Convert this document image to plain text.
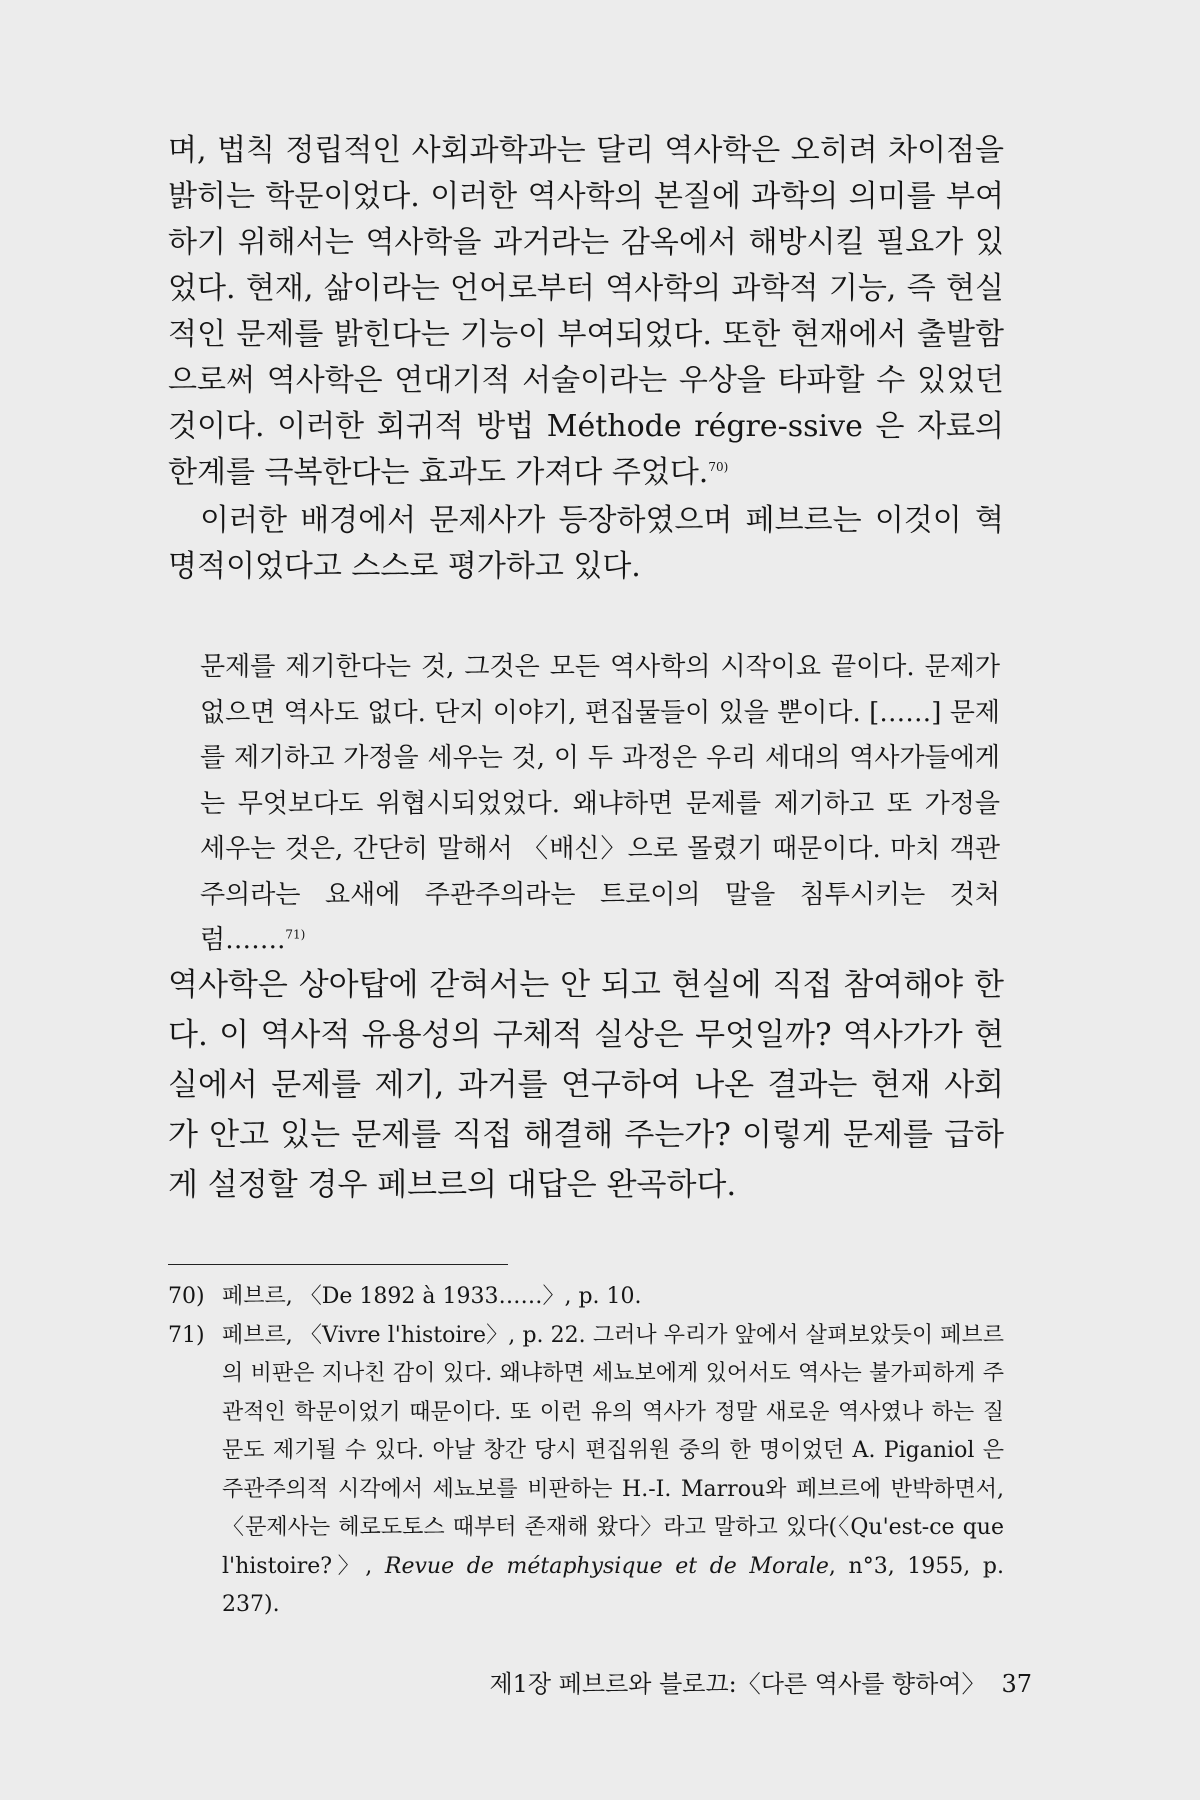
며, 법칙 정립적인 사회과학과는 달리 역사학은 오히려 차이점을 밝히는 학문이었다. 이러한 역사학의 본질에 과학의 의미를 부여하기 위해서는 역사학을 과거라는 감옥에서 해방시킬 필요가 있었다. 현재, 삶이라는 언어로부터 역사학의 과학적 기능, 즉 현실적인 문제를 밝힌다는 기능이 부여되었다. 또한 현재에서 출발함으로써 역사학은 연대기적 서술이라는 우상을 타파할 수 있었던 것이다. 이러한 회귀적 방법 Méthode régre-ssive 은 자료의 한계를 극복한다는 효과도 가져다 주었다.$^{70)}$

이러한 배경에서 문제사가 등장하였으며 페브르는 이것이 혁명적이었다고 스스로 평가하고 있다.

문제를 제기한다는 것, 그것은 모든 역사학의 시작이요 끝이다. 문제가 없으면 역사도 없다. 단지 이야기, 편집물들이 있을 뿐이다. [……] 문제를 제기하고 가정을 세우는 것, 이 두 과정은 우리 세대의 역사가들에게는 무엇보다도 위협시되었었다. 왜냐하면 문제를 제기하고 또 가정을 세우는 것은, 간단히 말해서 〈배신〉으로 몰렸기 때문이다. 마치 객관주의라는 요새에 주관주의라는 트로이의 말을 침투시키는 것처럼…….$^{71)}$

역사학은 상아탑에 갇혀서는 안 되고 현실에 직접 참여해야 한다. 이 역사적 유용성의 구체적 실상은 무엇일까? 역사가가 현실에서 문제를 제기, 과거를 연구하여 나온 결과는 현재 사회가 안고 있는 문제를 직접 해결해 주는가? 이렇게 문제를 급하게 설정할 경우 페브르의 대답은 완곡하다.

70) 페브르, 〈De 1892 à 1933……〉, p. 10.
71) 페브르, 〈Vivre l'histoire〉, p. 22. 그러나 우리가 앞에서 살펴보았듯이 페브르의 비판은 지나친 감이 있다. 왜냐하면 세뇨보에게 있어서도 역사는 불가피하게 주관적인 학문이었기 때문이다. 또 이런 유의 역사가 정말 새로운 역사였나 하는 질문도 제기될 수 있다. 아날 창간 당시 편집위원 중의 한 명이었던 A. Piganiol 은 주관주의적 시각에서 세뇨보를 비판하는 H.-I. Marrou와 페브르에 반박하면서, 〈문제사는 헤로도토스 때부터 존재해 왔다〉라고 말하고 있다(〈Qu'est-ce que l'histoire?〉, Revue de métaphysique et de Morale, n°3, 1955, p. 237).
제1장 페브르와 블로끄:〈다른 역사를 향하여〉 37
